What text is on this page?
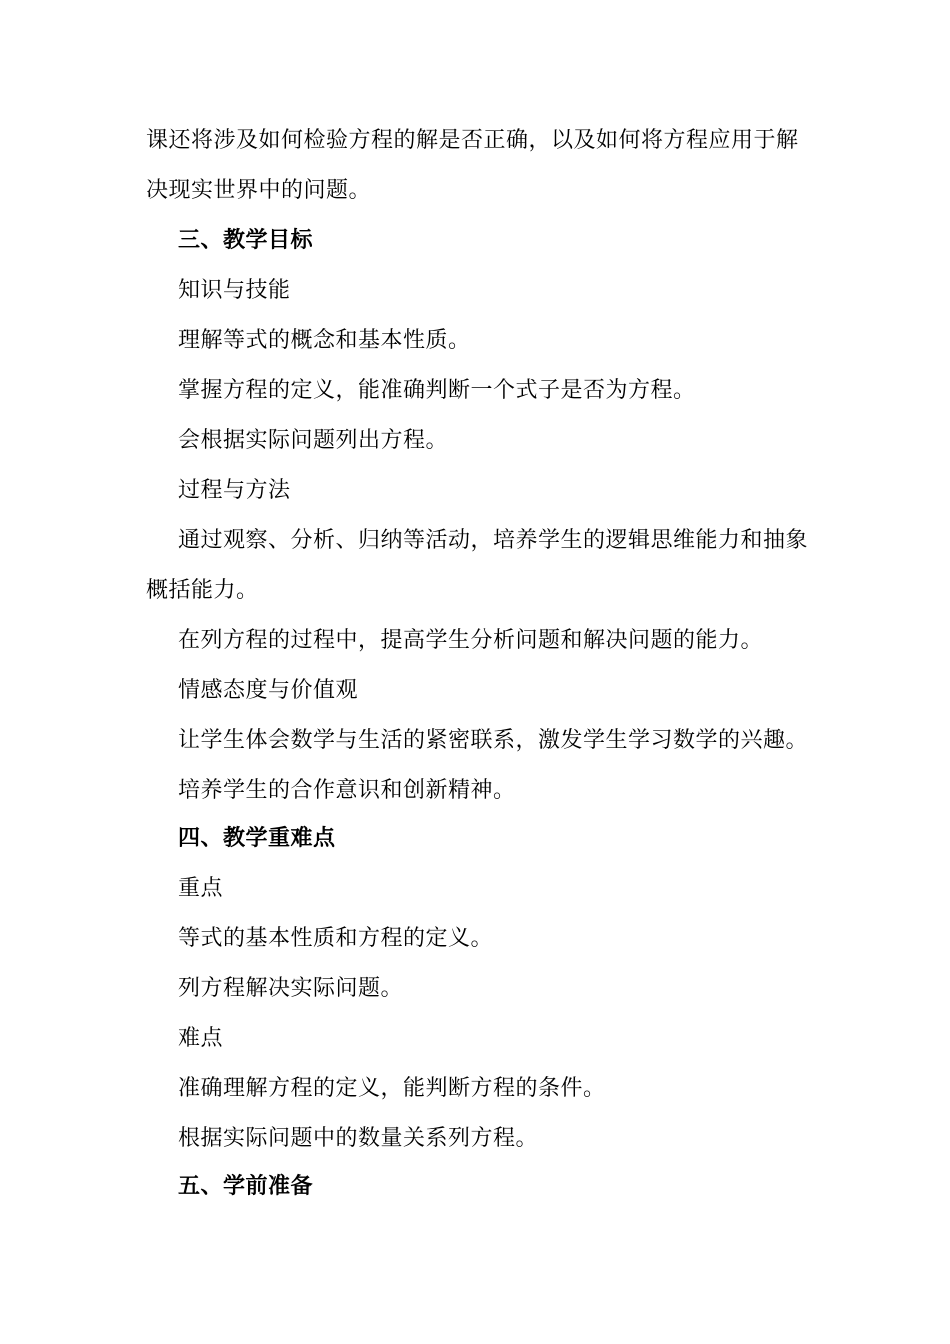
课还将涉及如何检验方程的解是否正确，以及如何将方程应用于解
决现实世界中的问题。
三、教学目标
知识与技能
理解等式的概念和基本性质。
掌握方程的定义，能准确判断一个式子是否为方程。
会根据实际问题列出方程。
过程与方法
通过观察、分析、归纳等活动，培养学生的逻辑思维能力和抽象
概括能力。
在列方程的过程中，提高学生分析问题和解决问题的能力。
情感态度与价值观
让学生体会数学与生活的紧密联系，激发学生学习数学的兴趣。
培养学生的合作意识和创新精神。
四、教学重难点
重点
等式的基本性质和方程的定义。
列方程解决实际问题。
难点
准确理解方程的定义，能判断方程的条件。
根据实际问题中的数量关系列方程。
五、学前准备
